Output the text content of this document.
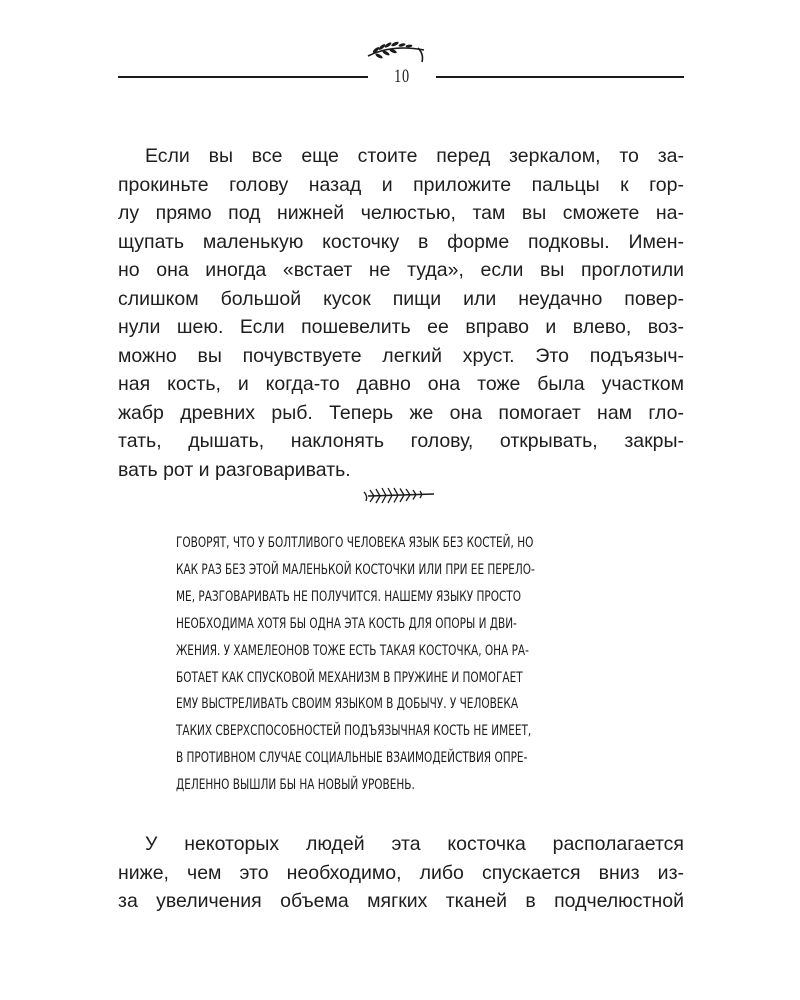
10
Если вы все еще стоите перед зеркалом, то за-
прокиньте голову назад и приложите пальцы к гор-
лу прямо под нижней челюстью, там вы сможете на-
щупать маленькую косточку в форме подковы. Имен-
но она иногда «встает не туда», если вы проглотили
слишком большой кусок пищи или неудачно повер-
нули шею. Если пошевелить ее вправо и влево, воз-
можно вы почувствуете легкий хруст. Это подъязыч-
ная кость, и когда-то давно она тоже была участком
жабр древних рыб. Теперь же она помогает нам гло-
тать, дышать, наклонять голову, открывать, закры-
вать рот и разговаривать.
ГОВОРЯТ, ЧТО У БОЛТЛИВОГО ЧЕЛОВЕКА ЯЗЫК БЕЗ КОСТЕЙ, НО
КАК РАЗ БЕЗ ЭТОЙ МАЛЕНЬКОЙ КОСТОЧКИ ИЛИ ПРИ ЕЕ ПЕРЕЛО-
МЕ, РАЗГОВАРИВАТЬ НЕ ПОЛУЧИТСЯ. НАШЕМУ ЯЗЫКУ ПРОСТО
НЕОБХОДИМА ХОТЯ БЫ ОДНА ЭТА КОСТЬ ДЛЯ ОПОРЫ И ДВИ-
ЖЕНИЯ. У ХАМЕЛЕОНОВ ТОЖЕ ЕСТЬ ТАКАЯ КОСТОЧКА, ОНА РА-
БОТАЕТ КАК СПУСКОВОЙ МЕХАНИЗМ В ПРУЖИНЕ И ПОМОГАЕТ
ЕМУ ВЫСТРЕЛИВАТЬ СВОИМ ЯЗЫКОМ В ДОБЫЧУ. У ЧЕЛОВЕКА
ТАКИХ СВЕРХСПОСОБНОСТЕЙ ПОДЪЯЗЫЧНАЯ КОСТЬ НЕ ИМЕЕТ,
В ПРОТИВНОМ СЛУЧАЕ СОЦИАЛЬНЫЕ ВЗАИМОДЕЙСТВИЯ ОПРЕ-
ДЕЛЕННО ВЫШЛИ БЫ НА НОВЫЙ УРОВЕНЬ.
У некоторых людей эта косточка располагается
ниже, чем это необходимо, либо спускается вниз из-
за увеличения объема мягких тканей в подчелюстной
